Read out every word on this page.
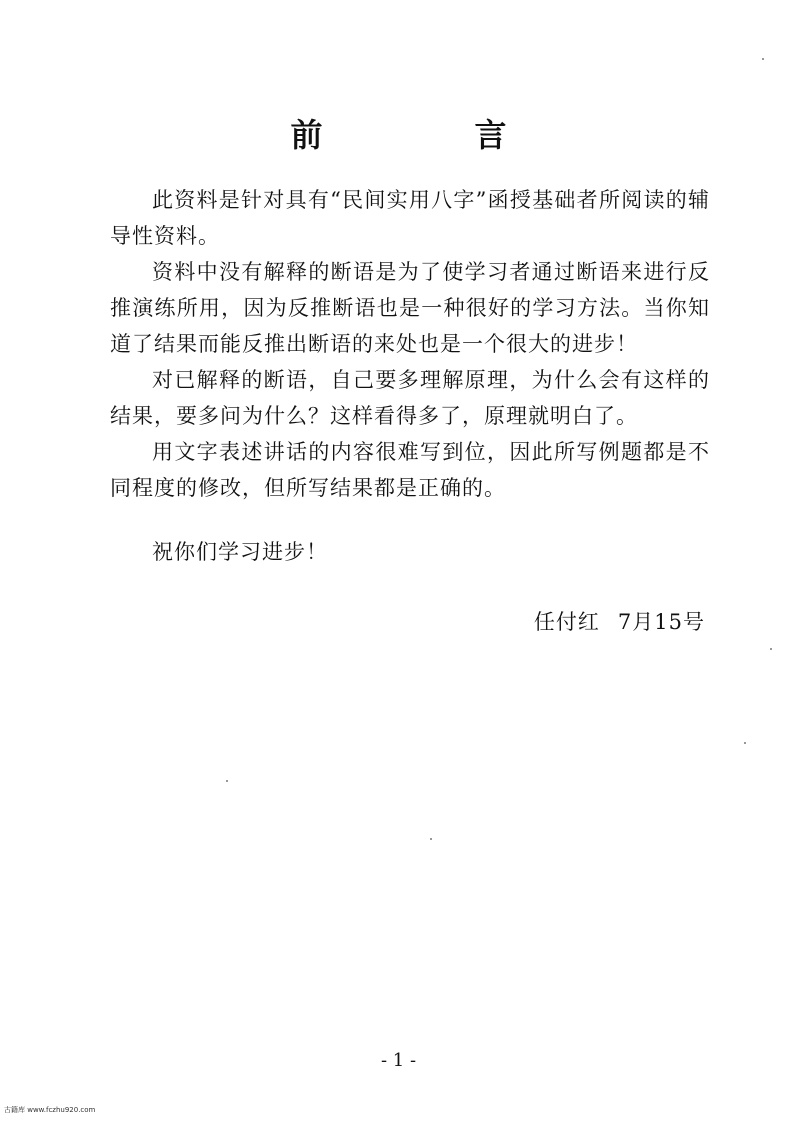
前　言

此资料是针对具有“民间实用八字”函授基础者所阅读的辅导性资料。

资料中没有解释的断语是为了使学习者通过断语来进行反推演练所用，因为反推断语也是一种很好的学习方法。当你知道了结果而能反推出断语的来处也是一个很大的进步！

对已解释的断语，自己要多理解原理，为什么会有这样的结果，要多问为什么？这样看得多了，原理就明白了。

用文字表述讲话的内容很难写到位，因此所写例题都是不同程度的修改，但所写结果都是正确的。

祝你们学习进步！

任付红 7月15号
- 1 -
古籍库 www.fczhu920.com
